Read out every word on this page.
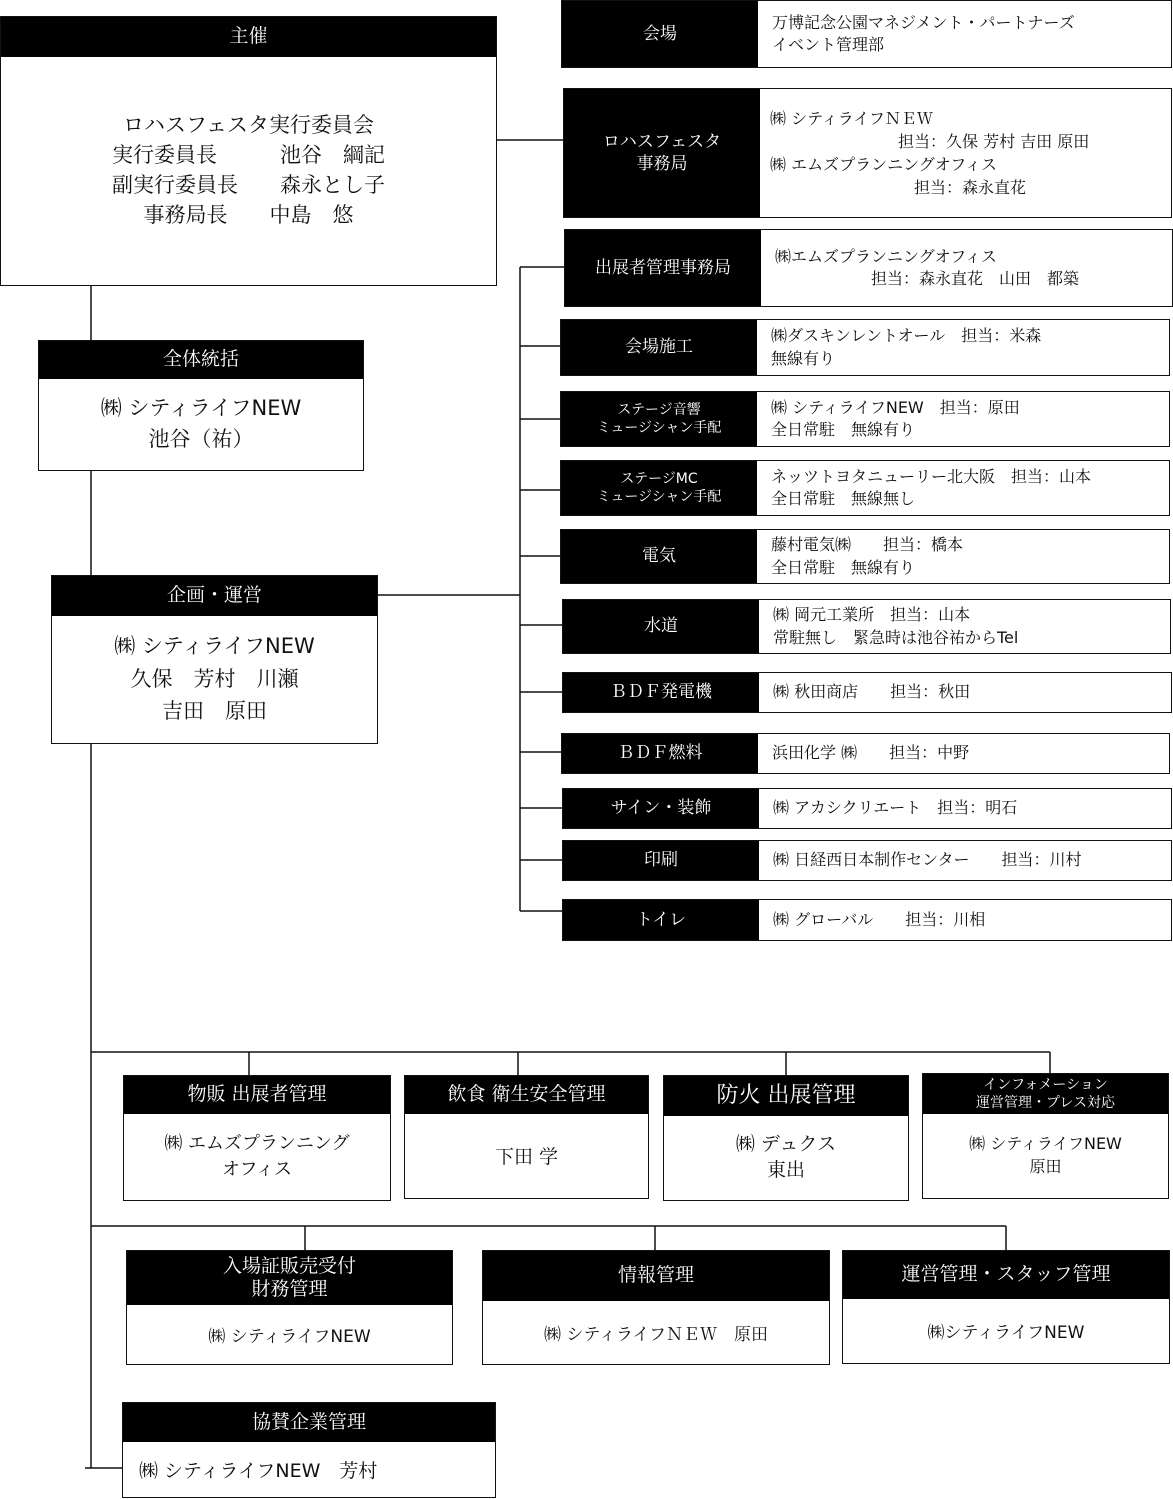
主催
ロハスフェスタ実行委員会
実行委員長　　　池谷　綱記
副実行委員長　　森永とし子
事務局長　　中島　悠
全体統括
㈱ シティライフNEW
池谷（祐）
企画・運営
㈱ シティライフNEW
久保　芳村　川瀬
吉田　原田
会場
万博記念公園マネジメント・パートナーズ
イベント管理部
ロハスフェスタ
事務局
㈱ シティライフＮＥＷ
　　　　　　　　担当：久保 芳村 吉田 原田
㈱ エムズプランニングオフィス
　　　　　　　　　担当：森永直花
出展者管理事務局
㈱エムズプランニングオフィス
　　　　　　担当：森永直花　山田　都築
会場施工
㈱ダスキンレントオール　担当：米森
無線有り
ステージ音響
ミュージシャン手配
㈱ シティライフNEW　担当：原田
全日常駐　無線有り
ステージMC
ミュージシャン手配
ネッツトヨタニューリー北大阪　担当：山本
全日常駐　無線無し
電気
藤村電気㈱　　担当：橋本
全日常駐　無線有り
水道
㈱ 岡元工業所　担当：山本
常駐無し　緊急時は池谷祐からTel
ＢＤＦ発電機	㈱ 秋田商店　　担当：秋田
ＢＤＦ燃料	浜田化学 ㈱　　担当：中野
サイン・装飾	㈱ アカシクリエート　担当：明石
印刷	㈱ 日経西日本制作センター　　担当：川村
トイレ	㈱ グローバル　　担当：川相
物販 出展者管理
㈱ エムズプランニング
オフィス
飲食 衛生安全管理
下田 学
防火 出展管理
㈱ デュクス
東出
インフォメーション
運営管理・プレス対応
㈱ シティライフNEW
原田
入場証販売受付
財務管理
㈱ シティライフNEW
情報管理
㈱ シティライフＮＥＷ　原田
運営管理・スタッフ管理
㈱シティライフNEW
協賛企業管理
㈱ シティライフNEW　芳村
